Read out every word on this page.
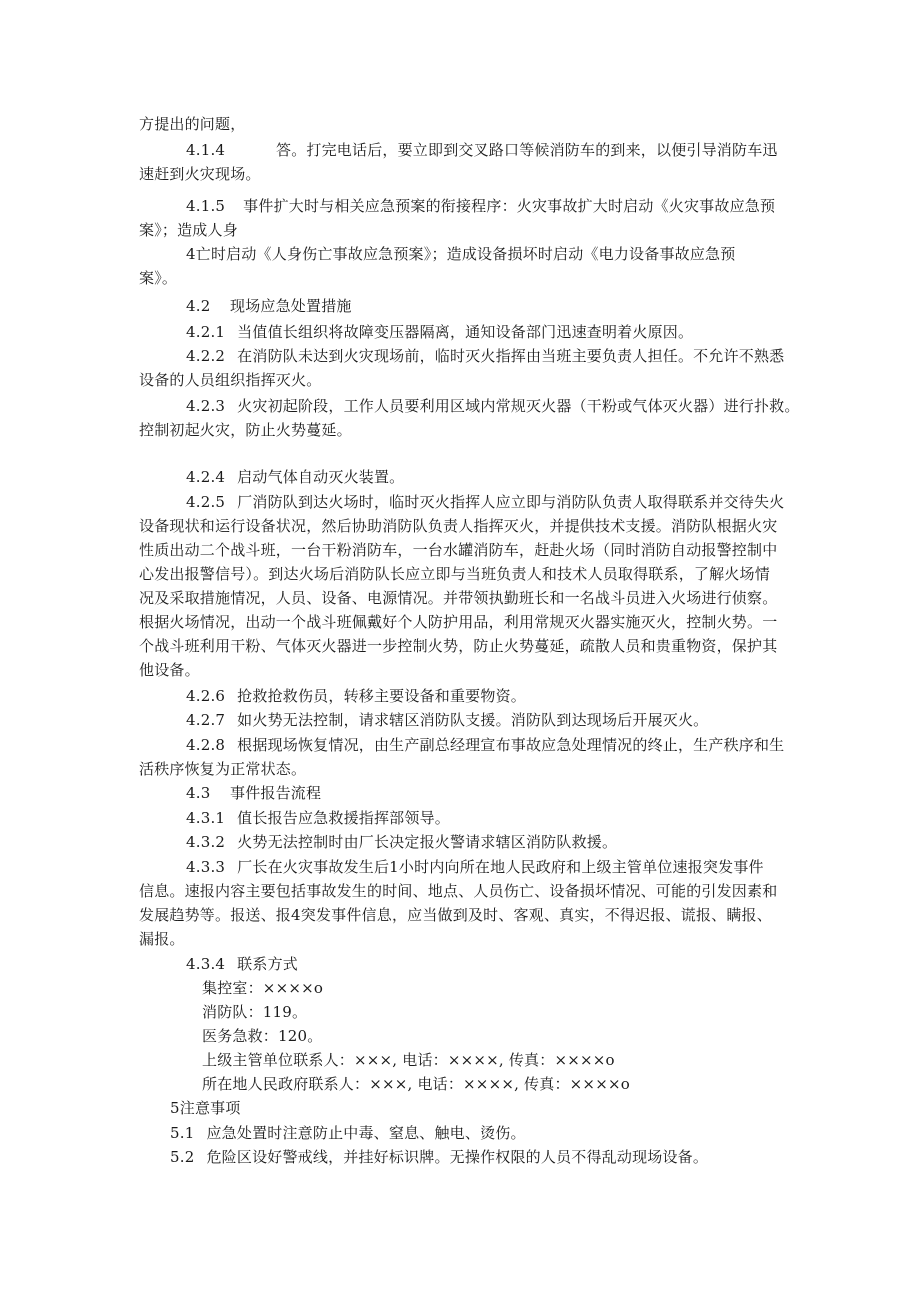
方提出的问题，
4.1.4	答。打完电话后，要立即到交叉路口等候消防车的到来，以便引导消防车迅
速赶到火灾现场。
4.1.5 事件扩大时与相关应急预案的衔接程序：火灾事故扩大时启动《火灾事故应急预
案》；造成人身
4亡时启动《人身伤亡事故应急预案》；造成设备损坏时启动《电力设备事故应急预
案》。
4.2 现场应急处置措施
4.2.1 当值值长组织将故障变压器隔离，通知设备部门迅速查明着火原因。
4.2.2 在消防队未达到火灾现场前，临时灭火指挥由当班主要负责人担任。不允许不熟悉
设备的人员组织指挥灭火。
4.2.3 火灾初起阶段，工作人员要利用区域内常规灭火器（干粉或气体灭火器）进行扑救。
控制初起火灾，防止火势蔓延。
4.2.4 启动气体自动灭火装置。
4.2.5 厂消防队到达火场时，临时灭火指挥人应立即与消防队负责人取得联系并交待失火
设备现状和运行设备状况，然后协助消防队负责人指挥灭火，并提供技术支援。消防队根据火灾
性质出动二个战斗班，一台干粉消防车，一台水罐消防车，赶赴火场（同时消防自动报警控制中
心发出报警信号）。到达火场后消防队长应立即与当班负责人和技术人员取得联系，了解火场情
况及采取措施情况，人员、设备、电源情况。并带领执勤班长和一名战斗员进入火场进行侦察。
根据火场情况，出动一个战斗班佩戴好个人防护用品，利用常规灭火器实施灭火，控制火势。一
个战斗班利用干粉、气体灭火器进一步控制火势，防止火势蔓延，疏散人员和贵重物资，保护其
他设备。
4.2.6 抢救抢救伤员，转移主要设备和重要物资。
4.2.7 如火势无法控制，请求辖区消防队支援。消防队到达现场后开展灭火。
4.2.8 根据现场恢复情况，由生产副总经理宣布事故应急处理情况的终止，生产秩序和生
活秩序恢复为正常状态。
4.3 事件报告流程
4.3.1 值长报告应急救援指挥部领导。
4.3.2 火势无法控制时由厂长决定报火警请求辖区消防队救援。
4.3.3 厂长在火灾事故发生后1小时内向所在地人民政府和上级主管单位速报突发事件
信息。速报内容主要包括事故发生的时间、地点、人员伤亡、设备损坏情况、可能的引发因素和
发展趋势等。报送、报4突发事件信息，应当做到及时、客观、真实，不得迟报、谎报、瞒报、
漏报。
4.3.4 联系方式
集控室：××××o
消防队：119。
医务急救：120。
上级主管单位联系人：×××, 电话：××××, 传真：××××o
所在地人民政府联系人：×××, 电话：××××, 传真：××××o
5注意事项
5.1 应急处置时注意防止中毒、窒息、触电、烫伤。
5.2 危险区设好警戒线，并挂好标识牌。无操作权限的人员不得乱动现场设备。
